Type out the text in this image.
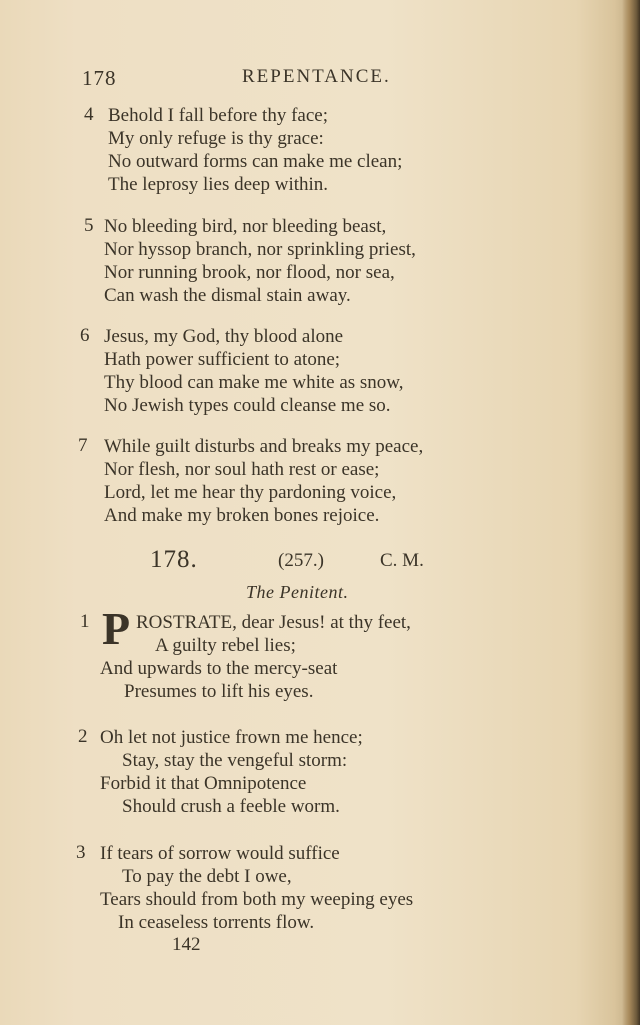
178	REPENTANCE.
4 Behold I fall before thy face;
My only refuge is thy grace:
No outward forms can make me clean;
The leprosy lies deep within.
5 No bleeding bird, nor bleeding beast,
Nor hyssop branch, nor sprinkling priest,
Nor running brook, nor flood, nor sea,
Can wash the dismal stain away.
6 Jesus, my God, thy blood alone
Hath power sufficient to atone;
Thy blood can make me white as snow,
No Jewish types could cleanse me so.
7 While guilt disturbs and breaks my peace,
Nor flesh, nor soul hath rest or ease;
Lord, let me hear thy pardoning voice,
And make my broken bones rejoice.
178.	(257.)	C. M.
The Penitent.
1 P ROSTRATE, dear Jesus! at thy feet,
A guilty rebel lies;
And upwards to the mercy-seat
Presumes to lift his eyes.
2 Oh let not justice frown me hence;
Stay, stay the vengeful storm:
Forbid it that Omnipotence
Should crush a feeble worm.
3 If tears of sorrow would suffice
To pay the debt I owe,
Tears should from both my weeping eyes
In ceaseless torrents flow.
142
